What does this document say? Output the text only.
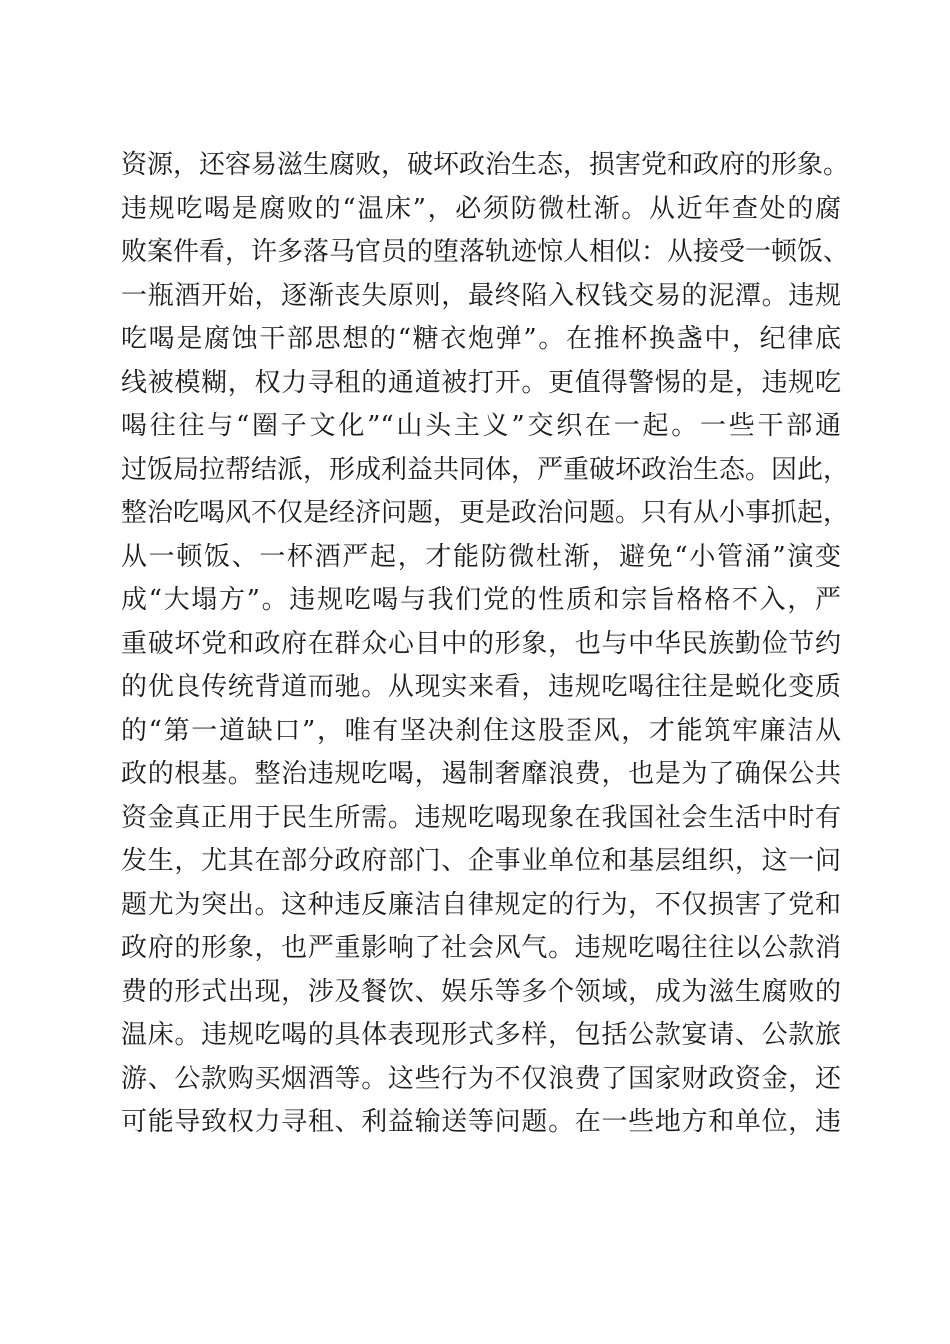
资源，还容易滋生腐败，破坏政治生态，损害党和政府的形象。
违规吃喝是腐败的“温床”，必须防微杜渐。从近年查处的腐
败案件看，许多落马官员的堕落轨迹惊人相似：从接受一顿饭、
一瓶酒开始，逐渐丧失原则，最终陷入权钱交易的泥潭。违规
吃喝是腐蚀干部思想的“糖衣炮弹”。在推杯换盏中，纪律底
线被模糊，权力寻租的通道被打开。更值得警惕的是，违规吃
喝往往与“圈子文化”“山头主义”交织在一起。一些干部通
过饭局拉帮结派，形成利益共同体，严重破坏政治生态。因此，
整治吃喝风不仅是经济问题，更是政治问题。只有从小事抓起，
从一顿饭、一杯酒严起，才能防微杜渐，避免“小管涌”演变
成“大塌方”。违规吃喝与我们党的性质和宗旨格格不入，严
重破坏党和政府在群众心目中的形象，也与中华民族勤俭节约
的优良传统背道而驰。从现实来看，违规吃喝往往是蜕化变质
的“第一道缺口”，唯有坚决刹住这股歪风，才能筑牢廉洁从
政的根基。整治违规吃喝，遏制奢靡浪费，也是为了确保公共
资金真正用于民生所需。违规吃喝现象在我国社会生活中时有
发生，尤其在部分政府部门、企事业单位和基层组织，这一问
题尤为突出。这种违反廉洁自律规定的行为，不仅损害了党和
政府的形象，也严重影响了社会风气。违规吃喝往往以公款消
费的形式出现，涉及餐饮、娱乐等多个领域，成为滋生腐败的
温床。违规吃喝的具体表现形式多样，包括公款宴请、公款旅
游、公款购买烟酒等。这些行为不仅浪费了国家财政资金，还
可能导致权力寻租、利益输送等问题。在一些地方和单位，违
